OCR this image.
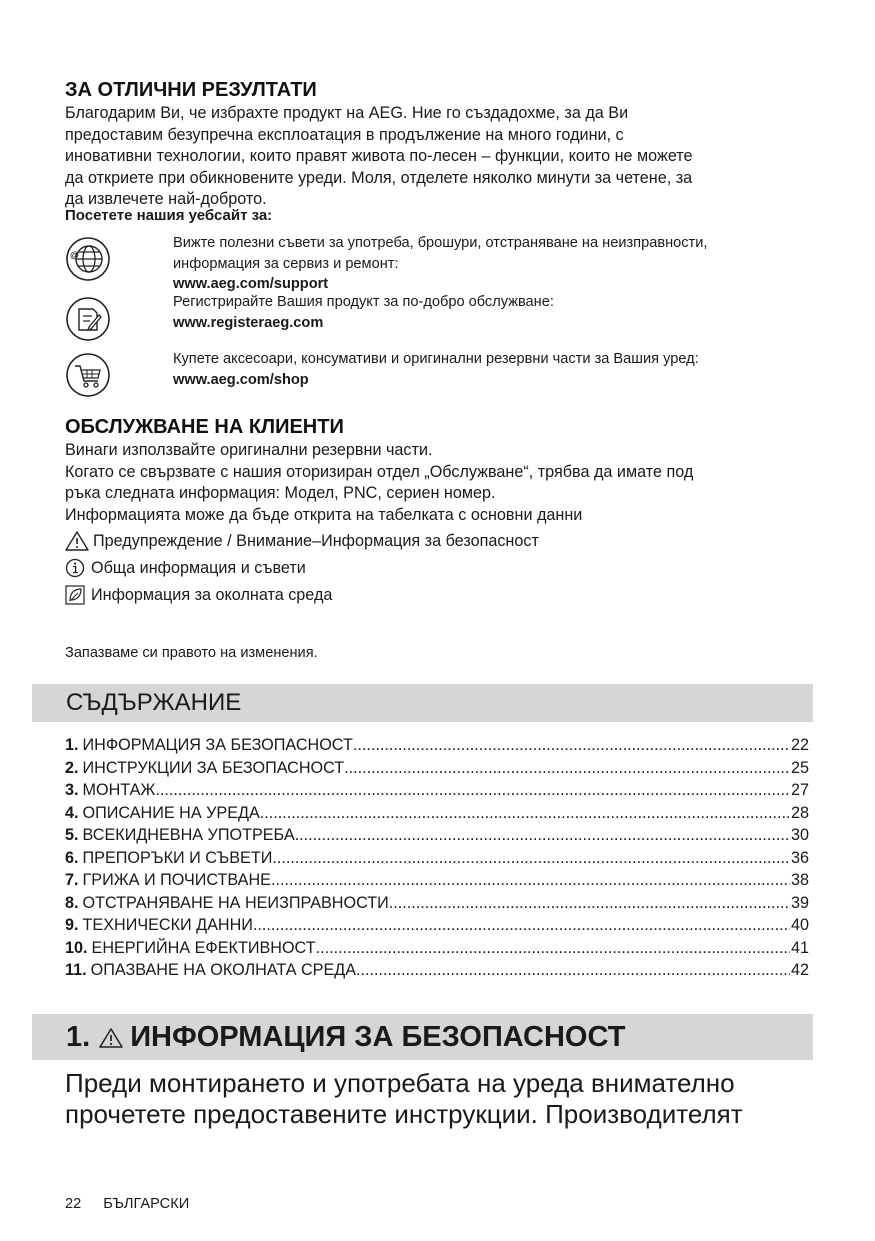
ЗА ОТЛИЧНИ РЕЗУЛТАТИ

Благодарим Ви, че избрахте продукт на AEG. Ние го създадохме, за да Ви

предоставим безупречна експлоатация в продължение на много години, с

иновативни технологии, които правят живота по-лесен – функции, които не можете

да откриете при обикновените уреди. Моля, отделете няколко минути за четене, за

да извлечете най-доброто.

Посетете нашия уебсайт за:
@
Вижте полезни съвети за употреба, брошури, отстраняване на неизправности,
информация за сервиз и ремонт:
www.aeg.com/support
Регистрирайте Вашия продукт за по-добро обслужване:
www.registeraeg.com
Купете аксесоари, консумативи и оригинални резервни части за Вашия уред:
www.aeg.com/shop
ОБСЛУЖВАНЕ НА КЛИЕНТИ

Винаги използвайте оригинални резервни части.

Когато се свързвате с нашия оторизиран отдел „Обслужване“, трябва да имате под

ръка следната информация: Модел, PNC, сериен номер.

Информацията може да бъде открита на табелката с основни данни

Предупреждение / Внимание–Информация за безопасност
Обща информация и съвети
Информация за околната среда
Запазваме си правото на изменения.
1. ИНФОРМАЦИЯ ЗА БЕЗОПАСНОСТ .....	22
2. ИНСТРУКЦИИ ЗА БЕЗОПАСНОСТ .....	25
3. МОНТАЖ .....	27
4. ОПИСАНИЕ НА УРЕДА .....	28
5. ВСЕКИДНЕВНА УПОТРЕБА .....	30
6. ПРЕПОРЪКИ И СЪВЕТИ .....	36
7. ГРИЖА И ПОЧИСТВАНЕ .....	38
8. ОТСТРАНЯВАНЕ НА НЕИЗПРАВНОСТИ .....	39
9. ТЕХНИЧЕСКИ ДАННИ .....	40
10. ЕНЕРГИЙНА ЕФЕКТИВНОСТ .....	41
11. ОПАЗВАНЕ НА ОКОЛНАТА СРЕДА .....	42
Преди монтирането и употребата на уреда внимателно
прочетете предоставените инструкции. Производителят
22 БЪЛГАРСКИ
СЪДЪРЖАНИЕ
1. ИНФОРМАЦИЯ ЗА БЕЗОПАСНОСТ
